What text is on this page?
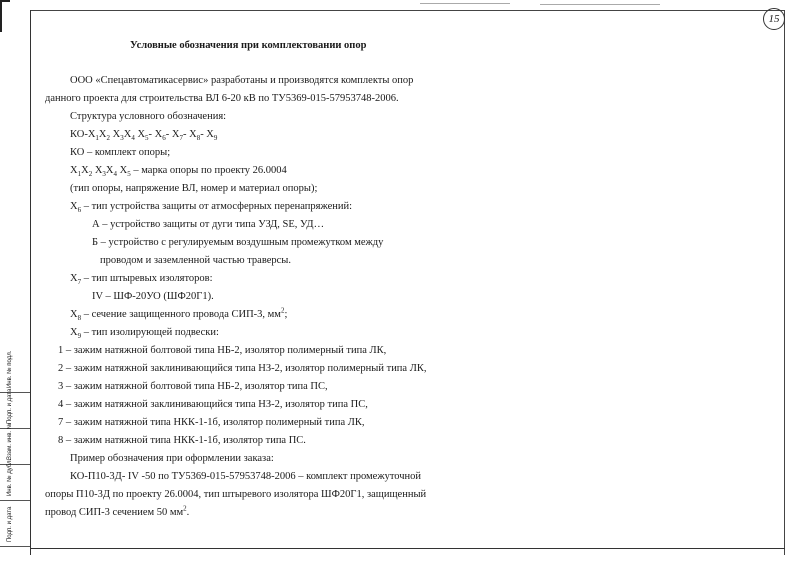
Инв. № подл.
Подп. и дата
Взам. инв. №
Инв. № дубл.
Подп. и дата
15
Условные обозначения при комплектовании опор
ООО «Спецавтоматикасервис» разработаны и производятся комплекты опор
данного проекта для строительства ВЛ 6-20 кВ по ТУ5369-015-57953748-2006.
Структура условного обозначения:
$КО-Х_1Х_2$ $Х_3Х_4$ $Х_5-$ $Х_6-$ $Х_7-$ $Х_8-$ $Х_9$
КО – комплект опоры;
$Х_1Х_2$ $Х_3Х_4$ $Х_5$ – марка опоры по проекту 26.0004
(тип опоры, напряжение ВЛ, номер и материал опоры);
$Х_6$ – тип устройства защиты от атмосферных перенапряжений:
А – устройство защиты от дуги типа УЗД, SE, УД…
Б – устройство с регулируемым воздушным промежутком между
проводом и заземленной частью траверсы.
$Х_7$ – тип штыревых изоляторов:
IV – ШФ-20УО (ШФ20Г1).
$Х_8$ – сечение защищенного провода СИП-3, $мм^2$;
$Х_9$ – тип изолирующей подвески:
1 – зажим натяжной болтовой типа НБ-2, изолятор полимерный типа ЛК,
2 – зажим натяжной заклинивающийся типа НЗ-2, изолятор полимерный типа ЛК,
3 – зажим натяжной болтовой типа НБ-2, изолятор типа ПС,
4 – зажим натяжной заклинивающийся типа НЗ-2, изолятор типа ПС,
7 – зажим натяжной типа НКК-1-1б, изолятор полимерный типа ЛК,
8 – зажим натяжной типа НКК-1-1б, изолятор типа ПС.
Пример обозначения при оформлении заказа:
КО-П10-3Д- IV -50 по ТУ5369-015-57953748-2006 – комплект промежуточной
опоры П10-3Д по проекту 26.0004, тип штыревого изолятора ШФ20Г1, защищенный
провод СИП-3 сечением 50 $мм^2$.
